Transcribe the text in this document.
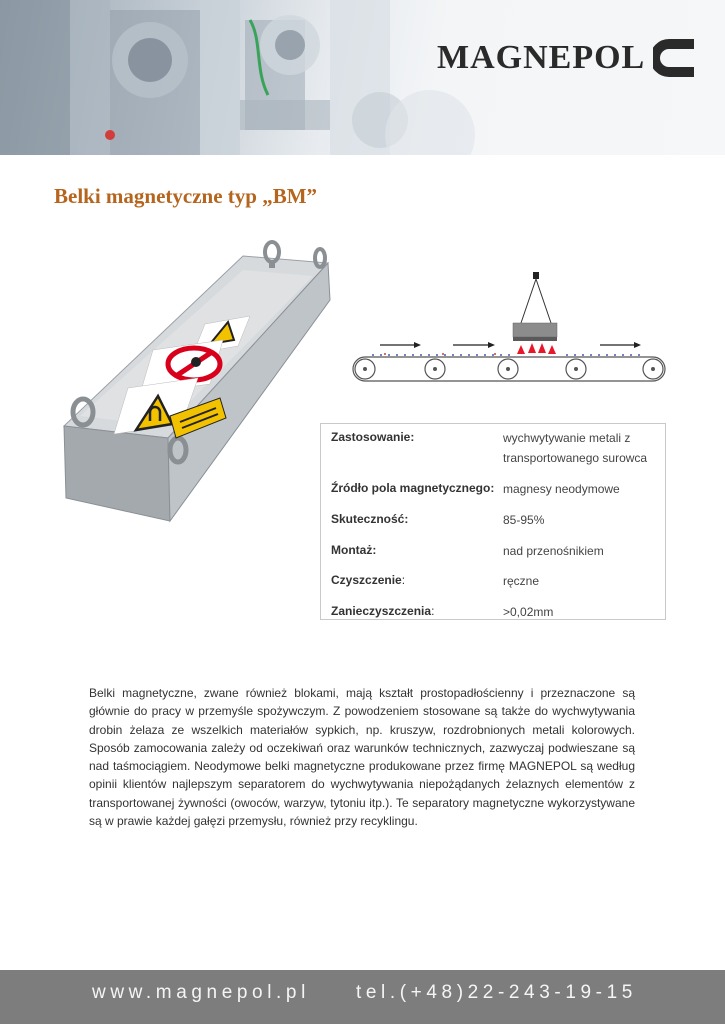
MAGNEPOL
Belki magnetyczne typ „BM”
Zastosowanie:	wychwytywanie metali z transportowanego surowca
Źródło pola magnetycznego: magnesy neodymowe
Skuteczność:	85-95%
Montaż:	nad przenośnikiem
Czyszczenie:	ręczne
Zanieczyszczenia:	>0,02mm

Belki magnetyczne, zwane również blokami, mają kształt prostopadłościenny i przeznaczone są głównie do pracy w przemyśle spożywczym. Z powodzeniem stosowane są także do wychwytywania drobin żelaza ze wszelkich materiałów sypkich, np. kruszyw, rozdrobnionych metali kolorowych. Sposób zamocowania zależy od oczekiwań oraz warunków technicznych, zazwyczaj podwieszane są nad taśmociągiem. Neodymowe belki magnetyczne produkowane przez firmę MAGNEPOL są według opinii klientów najlepszym separatorem do wychwytywania niepożądanych żelaznych elementów z transportowanej żywności (owoców, warzyw, tytoniu itp.). Te separatory magnetyczne wykorzystywane są w prawie każdej gałęzi przemysłu, również przy recyklingu.

www.magnepol.pl tel.(+48)22-243-19-15
